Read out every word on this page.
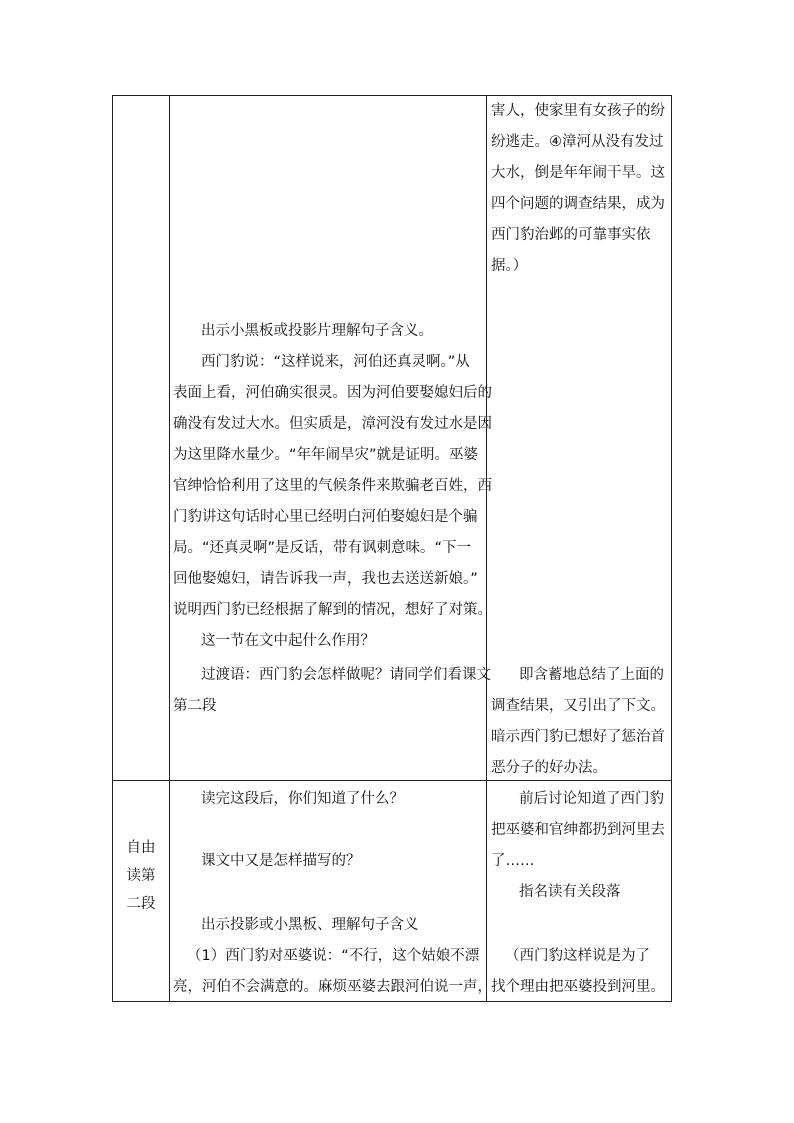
害人，使家里有女孩子的纷
纷逃走。④漳河从没有发过
大水，倒是年年闹干旱。这
四个问题的调查结果，成为
西门豹治邺的可靠事实依
据。）
出示小黑板或投影片理解句子含义。
西门豹说：“这样说来，河伯还真灵啊。”从
表面上看，河伯确实很灵。因为河伯要娶媳妇后的
确没有发过大水。但实质是，漳河没有发过水是因
为这里降水量少。“年年闹旱灾”就是证明。巫婆
官绅恰恰利用了这里的气候条件来欺骗老百姓，西
门豹讲这句话时心里已经明白河伯娶媳妇是个骗
局。“还真灵啊”是反话，带有讽刺意味。“下一
回他娶媳妇，请告诉我一声，我也去送送新娘。”
说明西门豹已经根据了解到的情况，想好了对策。
这一节在文中起什么作用？
过渡语：西门豹会怎样做呢？请同学们看课文
第二段
即含蓄地总结了上面的
调查结果，又引出了下文。
暗示西门豹已想好了惩治首
恶分子的好办法。
自由
读第
二段
读完这段后，你们知道了什么？
课文中又是怎样描写的？
出示投影或小黑板、理解句子含义
（1）西门豹对巫婆说：“不行，这个姑娘不漂
亮，河伯不会满意的。麻烦巫婆去跟河伯说一声，
前后讨论知道了西门豹
把巫婆和官绅都扔到河里去
了……
指名读有关段落
（西门豹这样说是为了
找个理由把巫婆投到河里。
